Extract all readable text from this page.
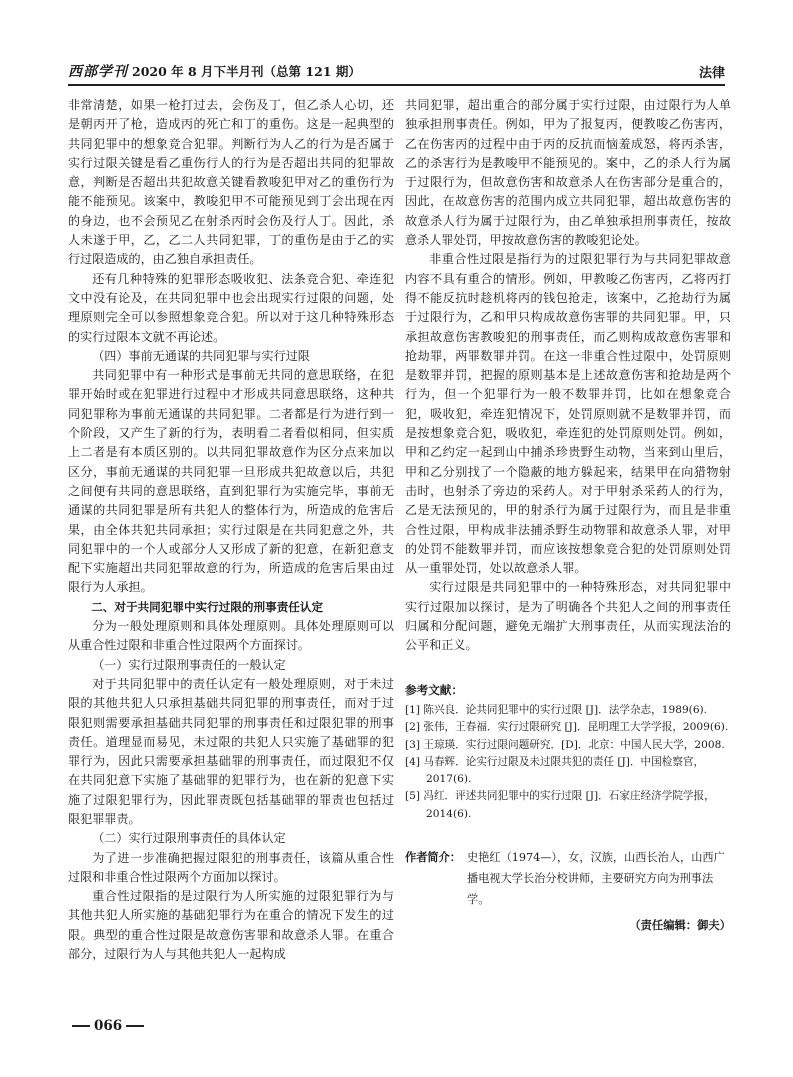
西部学刊 2020 年 8 月下半月刊（总第 121 期）	法律

非常清楚，如果一枪打过去，会伤及丁，但乙杀人心切，还是朝丙开了枪，造成丙的死亡和丁的重伤。这是一起典型的共同犯罪中的想象竞合犯罪。判断行为人乙的行为是否属于实行过限关键是看乙重伤行人的行为是否超出共同的犯罪故意，判断是否超出共犯故意关键看教唆犯甲对乙的重伤行为能不能预见。该案中，教唆犯甲不可能预见到丁会出现在丙的身边，也不会预见乙在射杀丙时会伤及行人丁。因此，杀人未遂于甲，乙，乙二人共同犯罪，丁的重伤是由于乙的实行过限造成的，由乙独自承担责任。

还有几种特殊的犯罪形态吸收犯、法条竞合犯、牵连犯文中没有论及，在共同犯罪中也会出现实行过限的问题，处理原则完全可以参照想象竞合犯。所以对于这几种特殊形态的实行过限本文就不再论述。

（四）事前无通谋的共同犯罪与实行过限

共同犯罪中有一种形式是事前无共同的意思联络，在犯罪开始时或在犯罪进行过程中才形成共同意思联络，这种共同犯罪称为事前无通谋的共同犯罪。二者都是行为进行到一个阶段，又产生了新的行为，表明看二者看似相同，但实质上二者是有本质区别的。以共同犯罪故意作为区分点来加以区分，事前无通谋的共同犯罪一旦形成共犯故意以后，共犯之间便有共同的意思联络，直到犯罪行为实施完毕，事前无通谋的共同犯罪是所有共犯人的整体行为，所造成的危害后果，由全体共犯共同承担；实行过限是在共同犯意之外，共同犯罪中的一个人或部分人又形成了新的犯意，在新犯意支配下实施超出共同犯罪故意的行为，所造成的危害后果由过限行为人承担。

二、对于共同犯罪中实行过限的刑事责任认定

分为一般处理原则和具体处理原则。具体处理原则可以从重合性过限和非重合性过限两个方面探讨。

（一）实行过限刑事责任的一般认定

对于共同犯罪中的责任认定有一般处理原则，对于未过限的其他共犯人只承担基础共同犯罪的刑事责任，而对于过限犯则需要承担基础共同犯罪的刑事责任和过限犯罪的刑事责任。道理显而易见，未过限的共犯人只实施了基础罪的犯罪行为，因此只需要承担基础罪的刑事责任，而过限犯不仅在共同犯意下实施了基础罪的犯罪行为，也在新的犯意下实施了过限犯罪行为，因此罪责既包括基础罪的罪责也包括过限犯罪罪责。

（二）实行过限刑事责任的具体认定

为了进一步准确把握过限犯的刑事责任，该篇从重合性过限和非重合性过限两个方面加以探讨。

重合性过限指的是过限行为人所实施的过限犯罪行为与其他共犯人所实施的基础犯罪行为在重合的情况下发生的过限。典型的重合性过限是故意伤害罪和故意杀人罪。在重合部分，过限行为人与其他共犯人一起构成

共同犯罪，超出重合的部分属于实行过限，由过限行为人单独承担刑事责任。例如，甲为了报复丙，便教唆乙伤害丙，乙在伤害丙的过程中由于丙的反抗而恼羞成怒，将丙杀害，乙的杀害行为是教唆甲不能预见的。案中，乙的杀人行为属于过限行为，但故意伤害和故意杀人在伤害部分是重合的，因此，在故意伤害的范围内成立共同犯罪，超出故意伤害的故意杀人行为属于过限行为，由乙单独承担刑事责任，按故意杀人罪处罚，甲按故意伤害的教唆犯论处。

非重合性过限是指行为的过限犯罪行为与共同犯罪故意内容不具有重合的情形。例如，甲教唆乙伤害丙，乙将丙打得不能反抗时趁机将丙的钱包抢走，该案中，乙抢劫行为属于过限行为，乙和甲只构成故意伤害罪的共同犯罪。甲，只承担故意伤害教唆犯的刑事责任，而乙则构成故意伤害罪和抢劫罪，两罪数罪并罚。在这一非重合性过限中，处罚原则是数罪并罚，把握的原则基本是上述故意伤害和抢劫是两个行为，但一个犯罪行为一般不数罪并罚，比如在想象竞合犯，吸收犯，牵连犯情况下，处罚原则就不是数罪并罚，而是按想象竞合犯，吸收犯，牵连犯的处罚原则处罚。例如，甲和乙约定一起到山中捕杀珍贵野生动物，当来到山里后，甲和乙分别找了一个隐蔽的地方躲起来，结果甲在向猎物射击时，也射杀了旁边的采药人。对于甲射杀采药人的行为，乙是无法预见的，甲的射杀行为属于过限行为，而且是非重合性过限，甲构成非法捕杀野生动物罪和故意杀人罪，对甲的处罚不能数罪并罚，而应该按想象竞合犯的处罚原则处罚从一重罪处罚，处以故意杀人罪。

实行过限是共同犯罪中的一种特殊形态，对共同犯罪中实行过限加以探讨，是为了明确各个共犯人之间的刑事责任归属和分配问题，避免无端扩大刑事责任，从而实现法治的公平和正义。

参考文献：
[1] 陈兴良．论共同犯罪中的实行过限 [J]．法学杂志，1989(6).
[2] 张伟，王春福．实行过限研究 [J]．昆明理工大学学报，2009(6).
[3] 王琼瑛．实行过限问题研究．[D]．北京：中国人民大学，2008.
[4] 马春辉．论实行过限及未过限共犯的责任 [J]．中国检察官，2017(6).
[5] 冯红．评述共同犯罪中的实行过限 [J]．石家庄经济学院学报，2014(6).
作者简介： 史艳红（1974—），女，汉族，山西长治人，山西广播电视大学长治分校讲师，主要研究方向为刑事法学。
（责任编辑：御夫）
066
